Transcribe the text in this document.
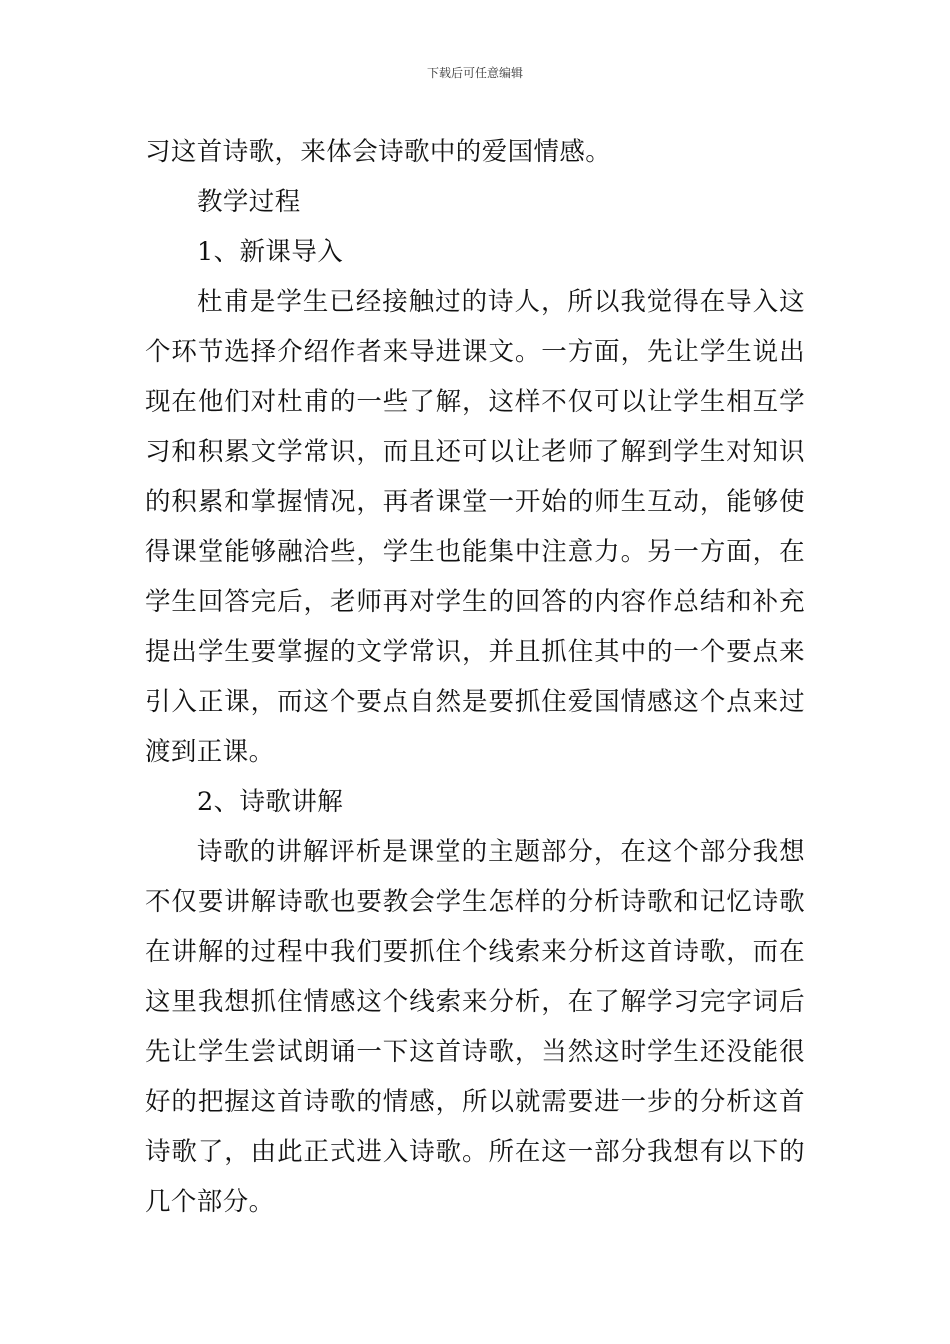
下载后可任意编辑

习这首诗歌，来体会诗歌中的爱国情感。

教学过程

1、新课导入

杜甫是学生已经接触过的诗人，所以我觉得在导入这个环节选择介绍作者来导进课文。一方面，先让学生说出现在他们对杜甫的一些了解，这样不仅可以让学生相互学习和积累文学常识，而且还可以让老师了解到学生对知识的积累和掌握情况，再者课堂一开始的师生互动，能够使得课堂能够融洽些，学生也能集中注意力。另一方面，在学生回答完后，老师再对学生的回答的内容作总结和补充提出学生要掌握的文学常识，并且抓住其中的一个要点来引入正课，而这个要点自然是要抓住爱国情感这个点来过渡到正课。

2、诗歌讲解

诗歌的讲解评析是课堂的主题部分，在这个部分我想不仅要讲解诗歌也要教会学生怎样的分析诗歌和记忆诗歌在讲解的过程中我们要抓住个线索来分析这首诗歌，而在这里我想抓住情感这个线索来分析，在了解学习完字词后先让学生尝试朗诵一下这首诗歌，当然这时学生还没能很好的把握这首诗歌的情感，所以就需要进一步的分析这首诗歌了，由此正式进入诗歌。所在这一部分我想有以下的几个部分。
